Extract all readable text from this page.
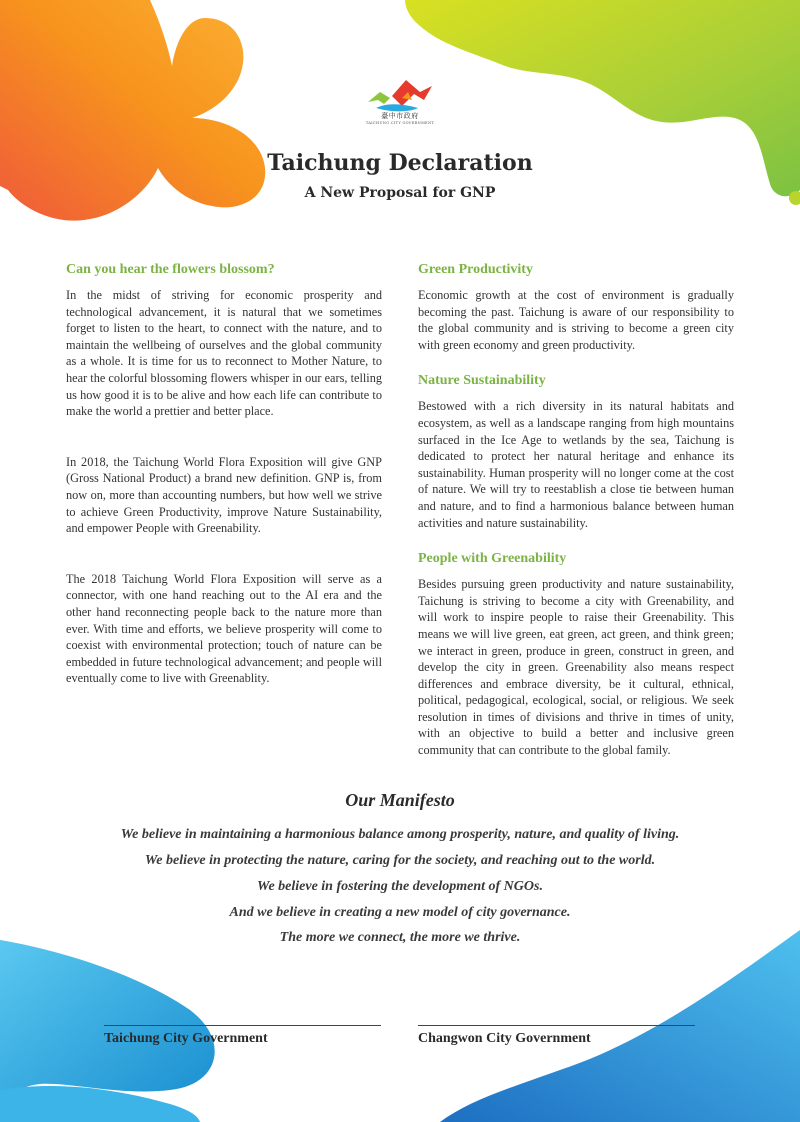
臺中市政府
TAICHUNG CITY GOVERNMENT
Taichung Declaration
A New Proposal for GNP
Can you hear the flowers blossom?
In the midst of striving for economic prosperity and technological advancement, it is natural that we sometimes forget to listen to the heart, to connect with the nature, and to maintain the wellbeing of ourselves and the global community as a whole. It is time for us to reconnect to Mother Nature, to hear the colorful blossoming flowers whisper in our ears, telling us how good it is to be alive and how each life can contribute to make the world a prettier and better place.
In 2018, the Taichung World Flora Exposition will give GNP (Gross National Product) a brand new definition. GNP is, from now on, more than accounting numbers, but how well we strive to achieve Green Productivity, improve Nature Sustainability, and empower People with Greenability.
The 2018 Taichung World Flora Exposition will serve as a connector, with one hand reaching out to the AI era and the other hand reconnecting people back to the nature more than ever. With time and efforts, we believe prosperity will come to coexist with environmental protection; touch of nature can be embedded in future technological advancement; and people will eventually come to live with Greenablity.
Green Productivity
Economic growth at the cost of environment is gradually becoming the past. Taichung is aware of our responsibility to the global community and is striving to become a green city with green economy and green productivity.
Nature Sustainability
Bestowed with a rich diversity in its natural habitats and ecosystem, as well as a landscape ranging from high mountains surfaced in the Ice Age to wetlands by the sea, Taichung is dedicated to protect her natural heritage and enhance its sustainability. Human prosperity will no longer come at the cost of nature. We will try to reestablish a close tie between human and nature, and to find a harmonious balance between human activities and nature sustainability.
People with Greenability
Besides pursuing green productivity and nature sustainability, Taichung is striving to become a city with Greenability, and will work to inspire people to raise their Greenability. This means we will live green, eat green, act green, and think green; we interact in green, produce in green, construct in green, and develop the city in green. Greenability also means respect differences and embrace diversity, be it cultural, ethnical, political, pedagogical, ecological, social, or religious. We seek resolution in times of divisions and thrive in times of unity, with an objective to build a better and inclusive green community that can contribute to the global family.
Our Manifesto
We believe in maintaining a harmonious balance among prosperity, nature, and quality of living.
We believe in protecting the nature, caring for the society, and reaching out to the world.
We believe in fostering the development of NGOs.
And we believe in creating a new model of city governance.
The more we connect, the more we thrive.
Taichung City Government	Changwon City Government
